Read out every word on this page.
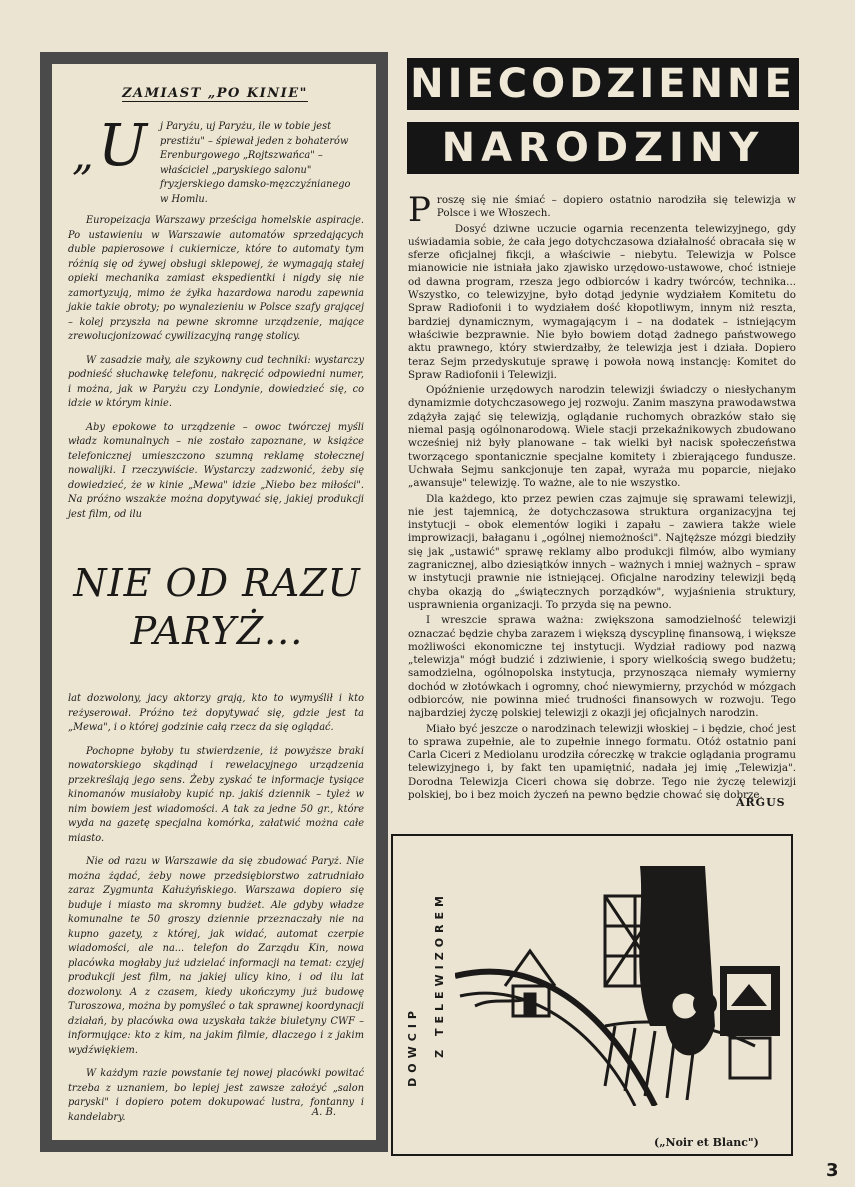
ZAMIAST „PO KINIE"
„ U j Paryżu, uj Paryżu, ile w tobie jest prestiżu" – śpiewał jeden z bohaterów Erenburgowego „Rojtszwańca" – właściciel „paryskiego salonu" fryzjerskiego damsko-męzczyźnianego w Homlu.

Europeizacja Warszawy prześciga homelskie aspiracje. Po ustawieniu w Warszawie automatów sprzedających duble papierosowe i cukiernicze, które to automaty tym różnią się od żywej obsługi sklepowej, że wymagają stałej opieki mechanika zamiast ekspedientki i nigdy się nie zamortyzują, mimo że żyłka hazardowa narodu zapewnia jakie takie obroty; po wynalezieniu w Polsce szafy grającej – kolej przyszła na pewne skromne urządzenie, mające zrewolucjonizować cywilizacyjną rangę stolicy.

W zasadzie mały, ale szykowny cud techniki: wystarczy podnieść słuchawkę telefonu, nakręcić odpowiedni numer, i można, jak w Paryżu czy Londynie, dowiedzieć się, co idzie w którym kinie.

Aby epokowe to urządzenie – owoc twórczej myśli władz komunalnych – nie zostało zapoznane, w książce telefonicznej umieszczono szumną reklamę stołecznej nowalijki. I rzeczywiście. Wystarczy zadzwonić, żeby się dowiedzieć, że w kinie „Mewa" idzie „Niebo bez miłości". Na próżno wszakże można dopytywać się, jakiej produkcji jest film, od ilu

NIE OD RAZU
PARYŻ...

lat dozwolony, jacy aktorzy grają, kto to wymyślił i kto reżyserował. Próżno też dopytywać się, gdzie jest ta „Mewa", i o której godzinie całą rzecz da się oglądać.

Pochopne byłoby tu stwierdzenie, iż powyższe braki nowatorskiego skądinąd i rewelacyjnego urządzenia przekreślają jego sens. Żeby zyskać te informacje tysiące kinomanów musiałoby kupić np. jakiś dziennik – tyleż w nim bowiem jest wiadomości. A tak za jedne 50 gr., które wyda na gazetę specjalna komórka, załatwić można całe miasto.

Nie od razu w Warszawie da się zbudować Paryż. Nie można żądać, żeby nowe przedsiębiorstwo zatrudniało zaraz Zygmunta Kałużyńskiego. Warszawa dopiero się buduje i miasto ma skromny budżet. Ale gdyby władze komunalne te 50 groszy dziennie przeznaczały nie na kupno gazety, z której, jak widać, automat czerpie wiadomości, ale na... telefon do Zarządu Kin, nowa placówka mogłaby już udzielać informacji na temat: czyjej produkcji jest film, na jakiej ulicy kino, i od ilu lat dozwolony. A z czasem, kiedy ukończymy już budowę Turoszowa, można by pomyśleć o tak sprawnej koordynacji działań, by placówka owa uzyskała także biuletyny CWF – informujące: kto z kim, na jakim filmie, dlaczego i z jakim wydźwiękiem.

W każdym razie powstanie tej nowej placówki powitać trzeba z uznaniem, bo lepiej jest zawsze założyć „salon paryski" i dopiero potem dokupować lustra, fontanny i kandelabry.	A. B.
NIECODZIENNE
NARODZINY

Proszę się nie śmiać – dopiero ostatnio narodziła się telewizja w Polsce i we Włoszech.

Dosyć dziwne uczucie ogarnia recenzenta telewizyjnego, gdy uświadamia sobie, że cała jego dotychczasowa działalność obracała się w sferze oficjalnej fikcji, a właściwie – niebytu. Telewizja w Polsce mianowicie nie istniała jako zjawisko urzędowo-ustawowe, choć istnieje od dawna program, rzesza jego odbiorców i kadry twórców, technika... Wszystko, co telewizyjne, było dotąd jedynie wydziałem Komitetu do Spraw Radiofonii i to wydziałem dość kłopotliwym, innym niż reszta, bardziej dynamicznym, wymagającym i – na dodatek – istniejącym właściwie bezprawnie. Nie było bowiem dotąd żadnego państwowego aktu prawnego, który stwierdzałby, że telewizja jest i działa. Dopiero teraz Sejm przedyskutuje sprawę i powoła nową instancję: Komitet do Spraw Radiofonii i Telewizji.

Opóźnienie urzędowych narodzin telewizji świadczy o niesłychanym dynamizmie dotychczasowego jej rozwoju. Zanim maszyna prawodawstwa zdążyła zająć się telewizją, oglądanie ruchomych obrazków stało się niemal pasją ogólnonarodową. Wiele stacji przekaźnikowych zbudowano wcześniej niż były planowane – tak wielki był nacisk społeczeństwa tworzącego spontanicznie specjalne komitety i zbierającego fundusze. Uchwała Sejmu sankcjonuje ten zapał, wyraża mu poparcie, niejako „awansuje" telewizję. To ważne, ale to nie wszystko.

Dla każdego, kto przez pewien czas zajmuje się sprawami telewizji, nie jest tajemnicą, że dotychczasowa struktura organizacyjna tej instytucji – obok elementów logiki i zapału – zawiera także wiele improwizacji, bałaganu i „ogólnej niemożności". Najtęższe mózgi biedziły się jak „ustawić" sprawę reklamy albo produkcji filmów, albo wymiany zagranicznej, albo dziesiątków innych – ważnych i mniej ważnych – spraw w instytucji prawnie nie istniejącej. Oficjalne narodziny telewizji będą chyba okazją do „świątecznych porządków", wyjaśnienia struktury, usprawnienia organizacji. To przyda się na pewno.

I wreszcie sprawa ważna: zwiększona samodzielność telewizji oznaczać będzie chyba zarazem i większą dyscyplinę finansową, i większe możliwości ekonomiczne tej instytucji. Wydział radiowy pod nazwą „telewizja" mógł budzić i zdziwienie, i spory wielkością swego budżetu; samodzielna, ogólnopolska instytucja, przynosząca niemały wymierny dochód w złotówkach i ogromny, choć niewymierny, przychód w mózgach odbiorców, nie powinna mieć trudności finansowych w rozwoju. Tego najbardziej życzę polskiej telewizji z okazji jej oficjalnych narodzin.

Miało być jeszcze o narodzinach telewizji włoskiej – i będzie, choć jest to sprawa zupełnie, ale to zupełnie innego formatu. Otóż ostatnio pani Carla Ciceri z Mediolanu urodziła córeczkę w trakcie oglądania programu telewizyjnego i, by fakt ten upamiętnić, nadała jej imię „Telewizja". Dorodna Telewizja Ciceri chowa się dobrze. Tego nie życzę telewizji polskiej, bo i bez moich życzeń na pewno będzie chować się dobrze.

ARGUS
DOWCIP Z TELEWIZOREM
(„Noir et Blanc")
3
